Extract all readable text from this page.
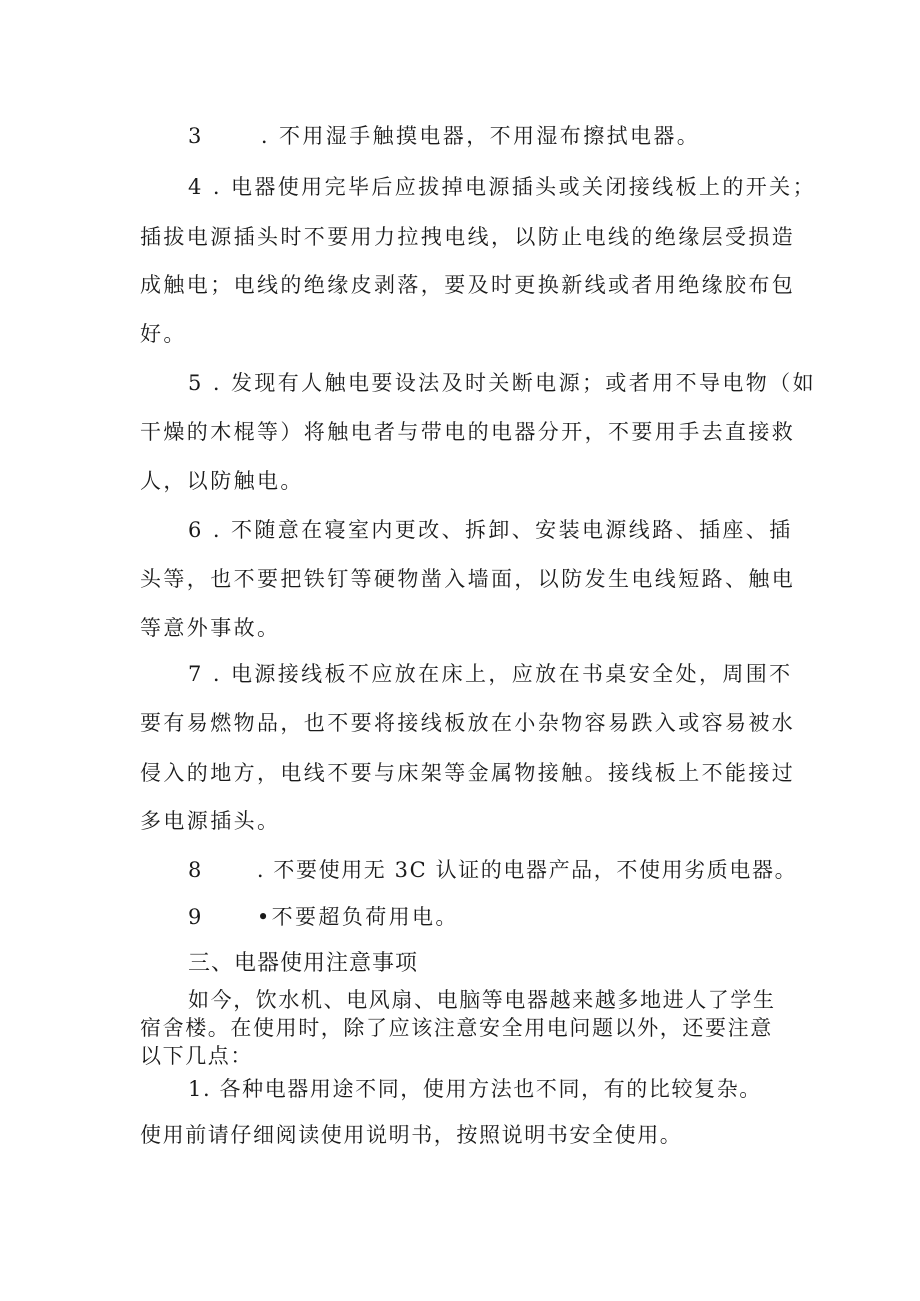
3	. 不用湿手触摸电器，不用湿布擦拭电器。
4 . 电器使用完毕后应拔掉电源插头或关闭接线板上的开关；
插拔电源插头时不要用力拉拽电线，以防止电线的绝缘层受损造
成触电；电线的绝缘皮剥落，要及时更换新线或者用绝缘胶布包
好。
5 . 发现有人触电要设法及时关断电源；或者用不导电物（如
干燥的木棍等）将触电者与带电的电器分开，不要用手去直接救
人，以防触电。
6 . 不随意在寝室内更改、拆卸、安装电源线路、插座、插
头等，也不要把铁钉等硬物凿入墙面，以防发生电线短路、触电
等意外事故。
7 . 电源接线板不应放在床上，应放在书桌安全处，周围不
要有易燃物品，也不要将接线板放在小杂物容易跌入或容易被水
侵入的地方，电线不要与床架等金属物接触。接线板上不能接过
多电源插头。
8	. 不要使用无 3C 认证的电器产品，不使用劣质电器。
9	•不要超负荷用电。
三、电器使用注意事项
如今，饮水机、电风扇、电脑等电器越来越多地进人了学生
宿舍楼。在使用时，除了应该注意安全用电问题以外，还要注意
以下几点：
1. 各种电器用途不同，使用方法也不同，有的比较复杂。
使用前请仔细阅读使用说明书，按照说明书安全使用。
